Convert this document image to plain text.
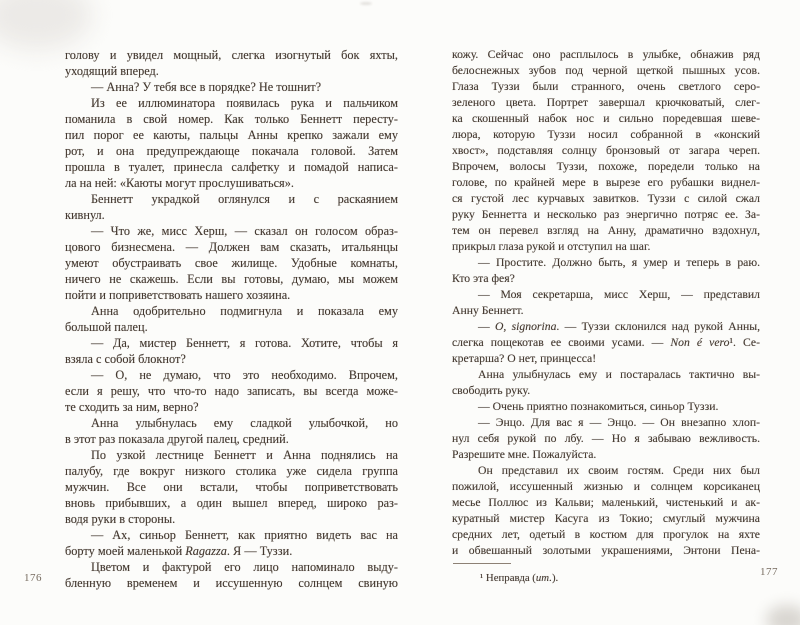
голову и увидел мощный, слегка изогнутый бок яхты,
уходящий вперед.
— Анна? У тебя все в порядке? Не тошнит?
Из ее иллюминатора появилась рука и пальчиком
поманила в свой номер. Как только Беннетт пересту-
пил порог ее каюты, пальцы Анны крепко зажали ему
рот, и она предупреждающе покачала головой. Затем
прошла в туалет, принесла салфетку и помадой написа-
ла на ней: «Каюты могут прослушиваться».
Беннетт украдкой оглянулся и с раскаянием
кивнул.
— Что же, мисс Херш, — сказал он голосом образ-
цового бизнесмена. — Должен вам сказать, итальянцы
умеют обустраивать свое жилище. Удобные комнаты,
ничего не скажешь. Если вы готовы, думаю, мы можем
пойти и поприветствовать нашего хозяина.
Анна одобрительно подмигнула и показала ему
большой палец.
— Да, мистер Беннетт, я готова. Хотите, чтобы я
взяла с собой блокнот?
— О, не думаю, что это необходимо. Впрочем,
если я решу, что что-то надо записать, вы всегда може-
те сходить за ним, верно?
Анна улыбнулась ему сладкой улыбочкой, но
в этот раз показала другой палец, средний.
По узкой лестнице Беннетт и Анна поднялись на
палубу, где вокруг низкого столика уже сидела группа
мужчин. Все они встали, чтобы поприветствовать
вновь прибывших, а один вышел вперед, широко раз-
водя руки в стороны.
— Ах, синьор Беннетт, как приятно видеть вас на
борту моей маленькой Ragazza. Я — Туззи.
Цветом и фактурой его лицо напоминало выду-
бленную временем и иссушенную солнцем свиную
кожу. Сейчас оно расплылось в улыбке, обнажив ряд
белоснежных зубов под черной щеткой пышных усов.
Глаза Туззи были странного, очень светлого серо-
зеленого цвета. Портрет завершал крючковатый, слег-
ка скошенный набок нос и сильно поредевшая шеве-
люра, которую Туззи носил собранной в «конский
хвост», подставляя солнцу бронзовый от загара череп.
Впрочем, волосы Туззи, похоже, поредели только на
голове, по крайней мере в вырезе его рубашки виднел-
ся густой лес курчавых завитков. Туззи с силой сжал
руку Беннетта и несколько раз энергично потряс ее. За-
тем он перевел взгляд на Анну, драматично вздохнул,
прикрыл глаза рукой и отступил на шаг.
— Простите. Должно быть, я умер и теперь в раю.
Кто эта фея?
— Моя секретарша, мисс Херш, — представил
Анну Беннетт.
— O, signorina. — Туззи склонился над рукой Анны,
слегка пощекотав ее своими усами. — Non é vero¹. Се-
кретарша? О нет, принцесса!
Анна улыбнулась ему и постаралась тактично вы-
свободить руку.
— Очень приятно познакомиться, синьор Туззи.
— Энцо. Для вас я — Энцо. — Он внезапно хлоп-
нул себя рукой по лбу. — Но я забываю вежливость.
Разрешите мне. Пожалуйста.
Он представил их своим гостям. Среди них был
пожилой, иссушенный жизнью и солнцем корсиканец
месье Поллюс из Кальви; маленький, чистенький и ак-
куратный мистер Касуга из Токио; смуглый мужчина
средних лет, одетый в костюм для прогулок на яхте
и обвешанный золотыми украшениями, Энтони Пена-
¹ Неправда (ит.).
176	177
